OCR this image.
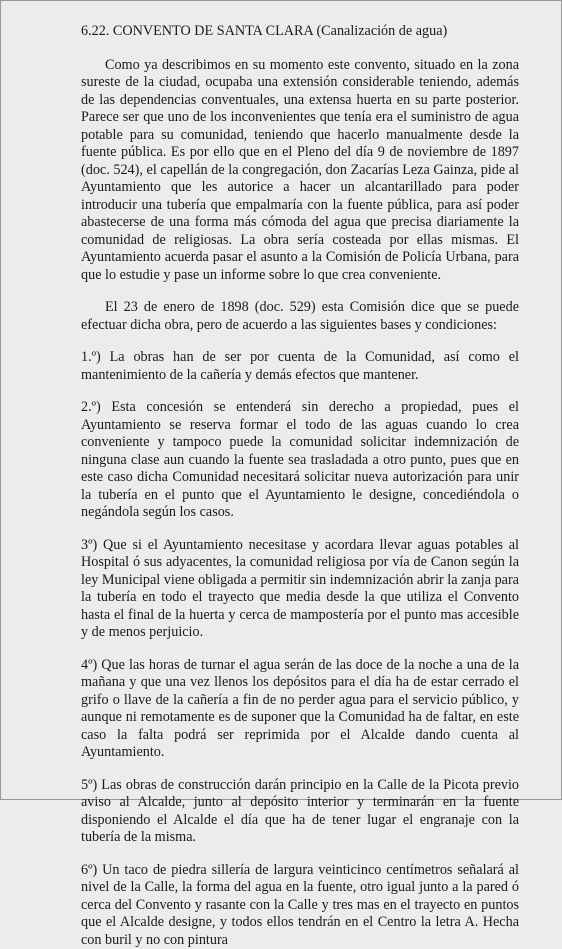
6.22. CONVENTO DE SANTA CLARA (Canalización de agua)

Como ya describimos en su momento este convento, situado en la zona sureste de la ciudad, ocupaba una extensión considerable teniendo, además de las dependencias conventuales, una extensa huerta en su parte posterior. Parece ser que uno de los inconvenientes que tenía era el suministro de agua potable para su comunidad, teniendo que hacerlo manualmente desde la fuente pública. Es por ello que en el Pleno del día 9 de noviembre de 1897 (doc. 524), el capellán de la congregación, don Zacarías Leza Gainza, pide al Ayuntamiento que les autorice a hacer un alcantarillado para poder introducir una tubería que empalmaría con la fuente pública, para así poder abastecerse de una forma más cómoda del agua que precisa diariamente la comunidad de religiosas. La obra sería costeada por ellas mismas. El Ayuntamiento acuerda pasar el asunto a la Comisión de Policía Urbana, para que lo estudie y pase un informe sobre lo que crea conveniente.

El 23 de enero de 1898 (doc. 529) esta Comisión dice que se puede efectuar dicha obra, pero de acuerdo a las siguientes bases y condiciones:

1.º) La obras han de ser por cuenta de la Comunidad, así como el mantenimiento de la cañería y demás efectos que mantener.

2.º) Esta concesión se entenderá sin derecho a propiedad, pues el Ayuntamiento se reserva formar el todo de las aguas cuando lo crea conveniente y tampoco puede la comunidad solicitar indemnización de ninguna clase aun cuando la fuente sea trasladada a otro punto, pues que en este caso dicha Comunidad necesitará solicitar nueva autorización para unir la tubería en el punto que el Ayuntamiento le designe, concediéndola o negándola según los casos.

3º) Que si el Ayuntamiento necesitase y acordara llevar aguas potables al Hospital ó sus adyacentes, la comunidad religiosa por vía de Canon según la ley Municipal viene obligada a permitir sin indemnización abrir la zanja para la tubería en todo el trayecto que media desde la que utiliza el Convento hasta el final de la huerta y cerca de mampostería por el punto mas accesible y de menos perjuicio.

4º) Que las horas de turnar el agua serán de las doce de la noche a una de la mañana y que una vez llenos los depósitos para el día ha de estar cerrado el grifo o llave de la cañería a fin de no perder agua para el servicio público, y aunque ni remotamente es de suponer que la Comunidad ha de faltar, en este caso la falta podrá ser reprimida por el Alcalde dando cuenta al Ayuntamiento.

5º) Las obras de construcción darán principio en la Calle de la Picota previo aviso al Alcalde, junto al depósito interior y terminarán en la fuente disponiendo el Alcalde el día que ha de tener lugar el engranaje con la tubería de la misma.

6º) Un taco de piedra sillería de largura veinticinco centímetros señalará al nivel de la Calle, la forma del agua en la fuente, otro igual junto a la pared ó cerca del Convento y rasante con la Calle y tres mas en el trayecto en puntos que el Alcalde designe, y todos ellos tendrán en el Centro la letra A. Hecha con buril y no con pintura
